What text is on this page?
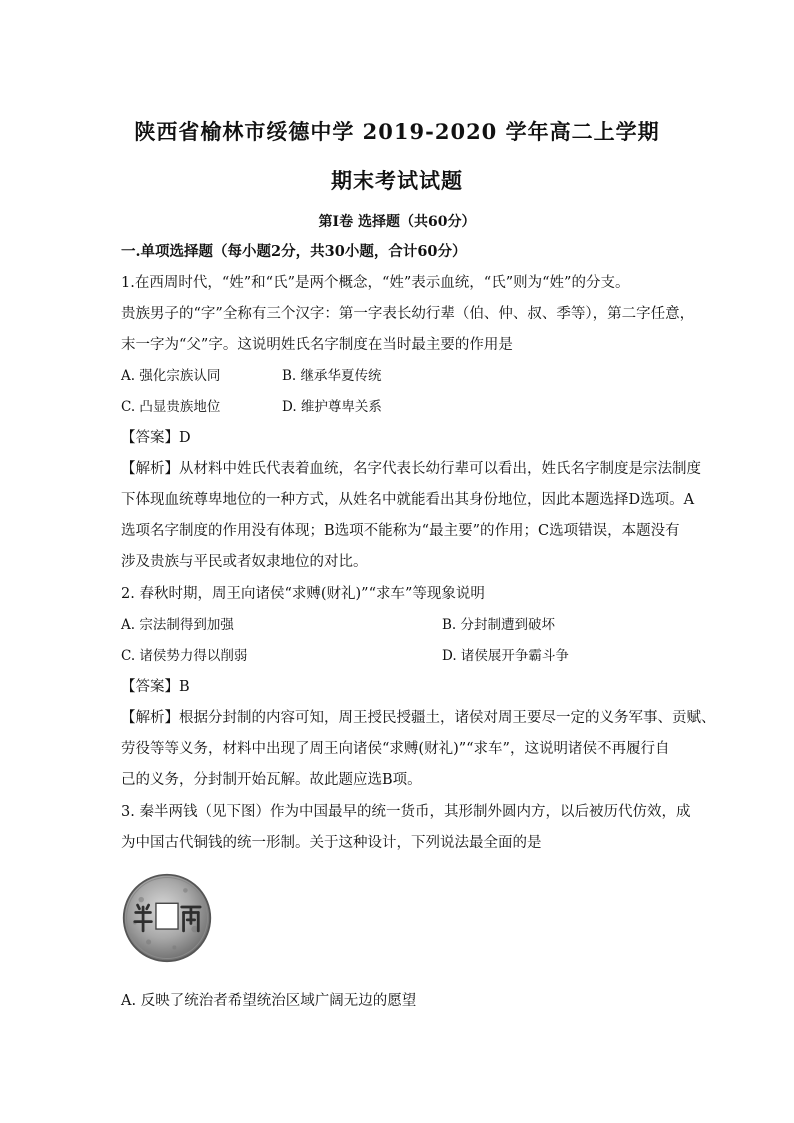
陕西省榆林市绥德中学 2019-2020 学年高二上学期
期末考试试题
第Ⅰ卷 选择题（共60分）
一.单项选择题（每小题2分，共30小题，合计60分）
1.在西周时代，“姓”和“氏”是两个概念，“姓”表示血统，“氏”则为“姓”的分支。
贵族男子的“字”全称有三个汉字：第一字表长幼行辈（伯、仲、叔、季等），第二字任意，
末一字为“父”字。这说明姓氏名字制度在当时最主要的作用是
A. 强化宗族认同	B. 继承华夏传统
C. 凸显贵族地位	D. 维护尊卑关系
【答案】D
【解析】从材料中姓氏代表着血统，名字代表长幼行辈可以看出，姓氏名字制度是宗法制度
下体现血统尊卑地位的一种方式，从姓名中就能看出其身份地位，因此本题选择D选项。A
选项名字制度的作用没有体现；B选项不能称为“最主要”的作用；C选项错误，本题没有
涉及贵族与平民或者奴隶地位的对比。
2. 春秋时期，周王向诸侯“求赙(财礼)”“求车”等现象说明
A. 宗法制得到加强	B. 分封制遭到破坏
C. 诸侯势力得以削弱	D. 诸侯展开争霸斗争
【答案】B
【解析】根据分封制的内容可知，周王授民授疆土，诸侯对周王要尽一定的义务军事、贡赋、
劳役等等义务，材料中出现了周王向诸侯“求赙(财礼)”“求车”，这说明诸侯不再履行自
己的义务，分封制开始瓦解。故此题应选B项。
3. 秦半两钱（见下图）作为中国最早的统一货币，其形制外圆内方，以后被历代仿效，成
为中国古代铜钱的统一形制。关于这种设计，下列说法最全面的是
A. 反映了统治者希望统治区域广阔无边的愿望
